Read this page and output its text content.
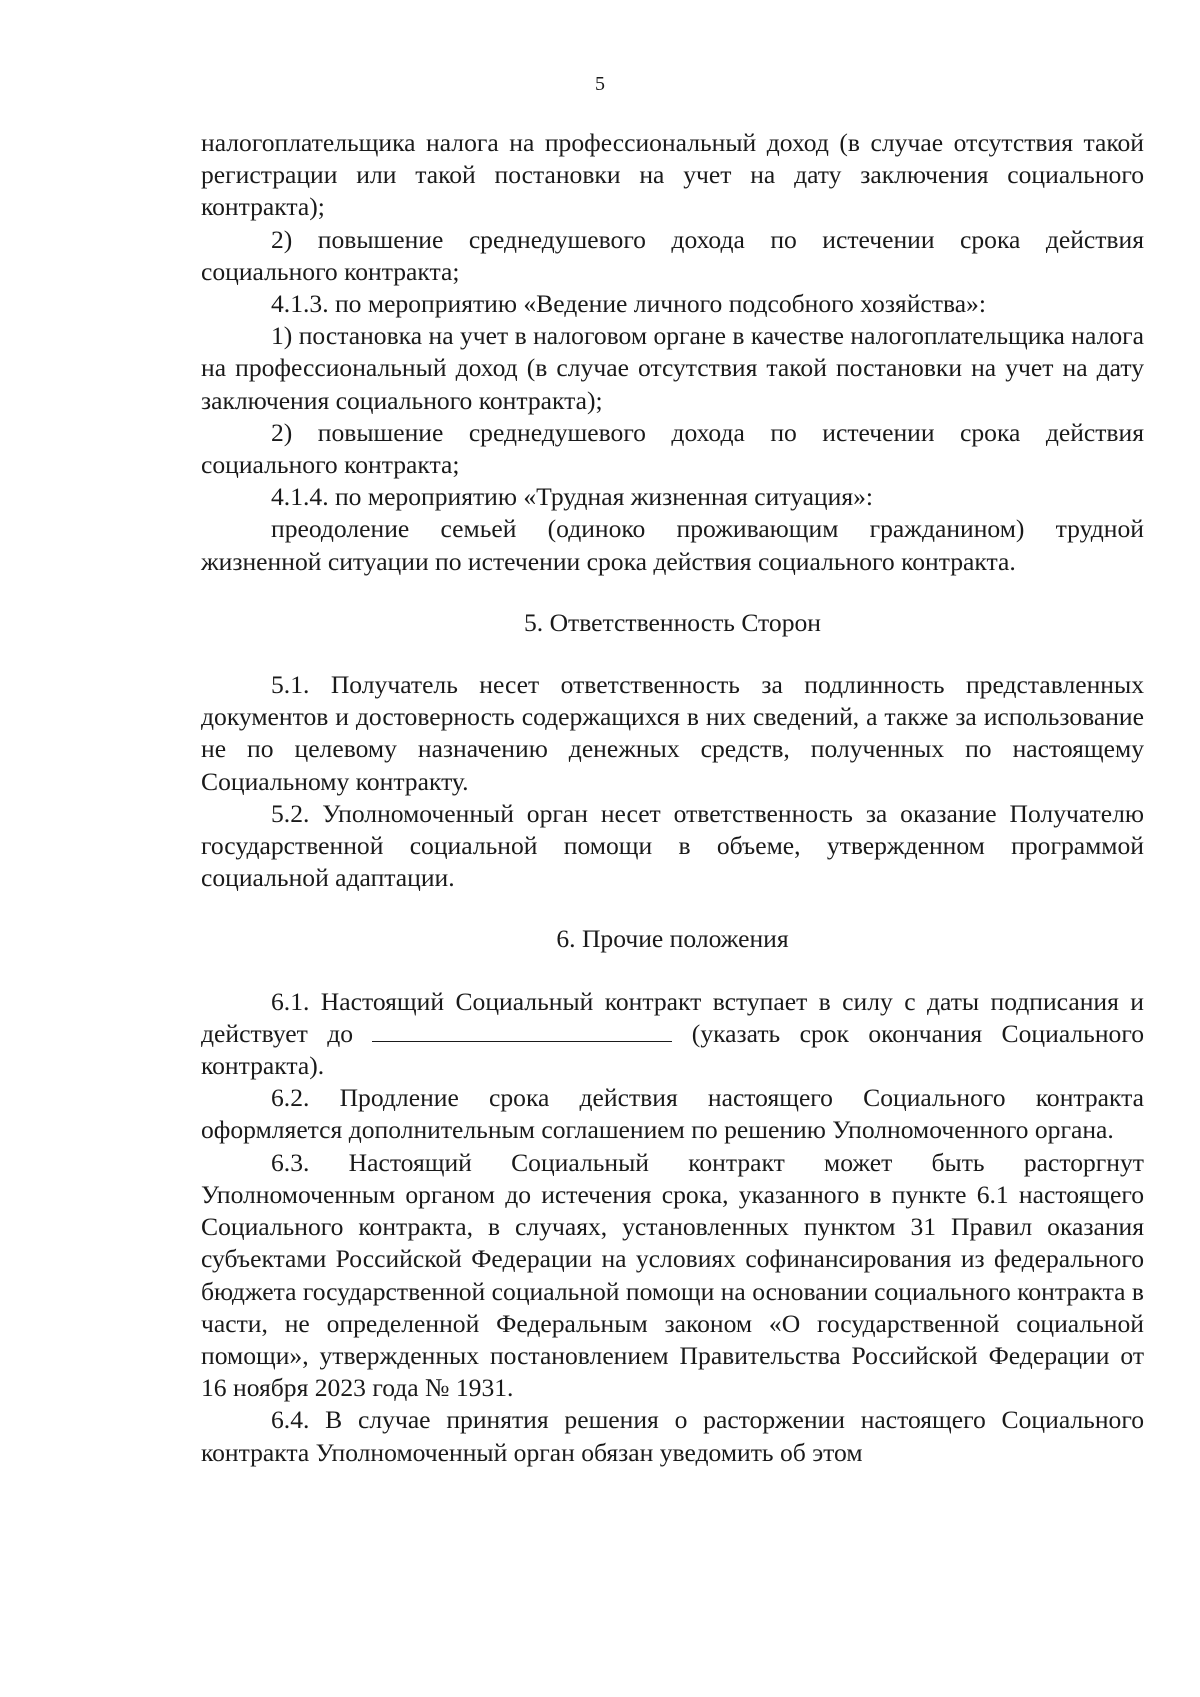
5

налогоплательщика налога на профессиональный доход (в случае отсутствия такой регистрации или такой постановки на учет на дату заключения социального контракта);

2) повышение среднедушевого дохода по истечении срока действия социального контракта;

4.1.3. по мероприятию «Ведение личного подсобного хозяйства»:

1) постановка на учет в налоговом органе в качестве налогоплательщика налога на профессиональный доход (в случае отсутствия такой постановки на учет на дату заключения социального контракта);

2) повышение среднедушевого дохода по истечении срока действия социального контракта;

4.1.4. по мероприятию «Трудная жизненная ситуация»:

преодоление семьей (одиноко проживающим гражданином) трудной жизненной ситуации по истечении срока действия социального контракта.

5. Ответственность Сторон

5.1. Получатель несет ответственность за подлинность представленных документов и достоверность содержащихся в них сведений, а также за использование не по целевому назначению денежных средств, полученных по настоящему Социальному контракту.

5.2. Уполномоченный орган несет ответственность за оказание Получателю государственной социальной помощи в объеме, утвержденном программой социальной адаптации.

6. Прочие положения

6.1. Настоящий Социальный контракт вступает в силу с даты подписания и действует до	(указать срок окончания Социального контракта).

6.2. Продление срока действия настоящего Социального контракта оформляется дополнительным соглашением по решению Уполномоченного органа.

6.3. Настоящий Социальный контракт может быть расторгнут Уполномоченным органом до истечения срока, указанного в пункте 6.1 настоящего Социального контракта, в случаях, установленных пунктом 31 Правил оказания субъектами Российской Федерации на условиях софинансирования из федерального бюджета государственной социальной помощи на основании социального контракта в части, не определенной Федеральным законом «О государственной социальной помощи», утвержденных постановлением Правительства Российской Федерации от 16 ноября 2023 года № 1931.

6.4. В случае принятия решения о расторжении настоящего Социального контракта Уполномоченный орган обязан уведомить об этом
